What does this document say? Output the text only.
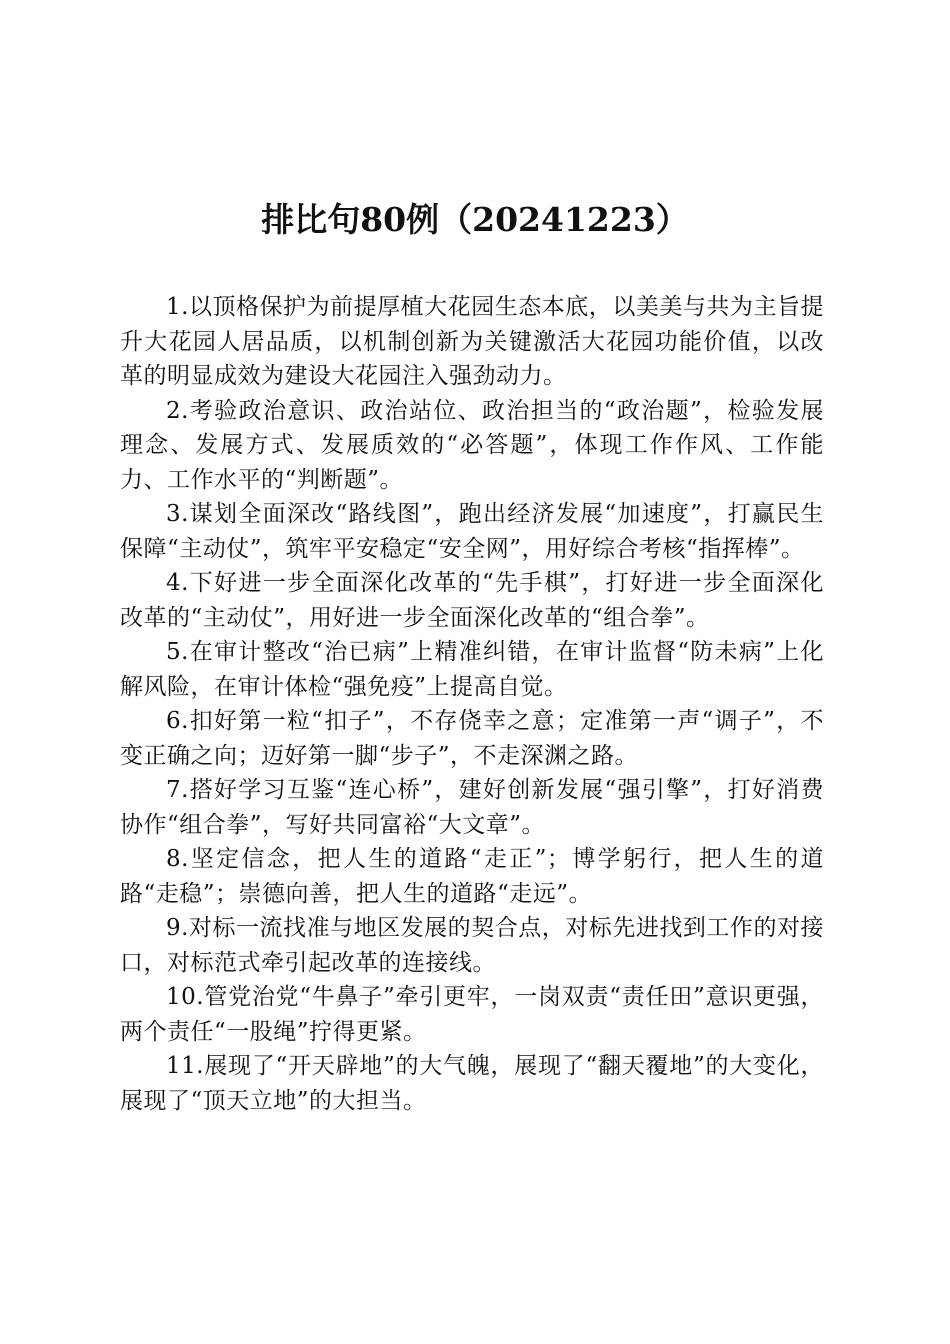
排比句80例（20241223）

1.以顶格保护为前提厚植大花园生态本底，以美美与共为主旨提升大花园人居品质，以机制创新为关键激活大花园功能价值，以改革的明显成效为建设大花园注入强劲动力。

2.考验政治意识、政治站位、政治担当的“政治题”，检验发展理念、发展方式、发展质效的“必答题”，体现工作作风、工作能力、工作水平的“判断题”。

3.谋划全面深改“路线图”，跑出经济发展“加速度”，打赢民生保障“主动仗”，筑牢平安稳定“安全网”，用好综合考核“指挥棒”。

4.下好进一步全面深化改革的“先手棋”，打好进一步全面深化改革的“主动仗”，用好进一步全面深化改革的“组合拳”。

5.在审计整改“治已病”上精准纠错，在审计监督“防未病”上化解风险，在审计体检“强免疫”上提高自觉。

6.扣好第一粒“扣子”，不存侥幸之意；定准第一声“调子”，不变正确之向；迈好第一脚“步子”，不走深渊之路。

7.搭好学习互鉴“连心桥”，建好创新发展“强引擎”，打好消费协作“组合拳”，写好共同富裕“大文章”。

8.坚定信念，把人生的道路“走正”；博学躬行，把人生的道路“走稳”；崇德向善，把人生的道路“走远”。

9.对标一流找准与地区发展的契合点，对标先进找到工作的对接口，对标范式牵引起改革的连接线。

10.管党治党“牛鼻子”牵引更牢，一岗双责“责任田”意识更强，两个责任“一股绳”拧得更紧。

11.展现了“开天辟地”的大气魄，展现了“翻天覆地”的大变化，展现了“顶天立地”的大担当。
